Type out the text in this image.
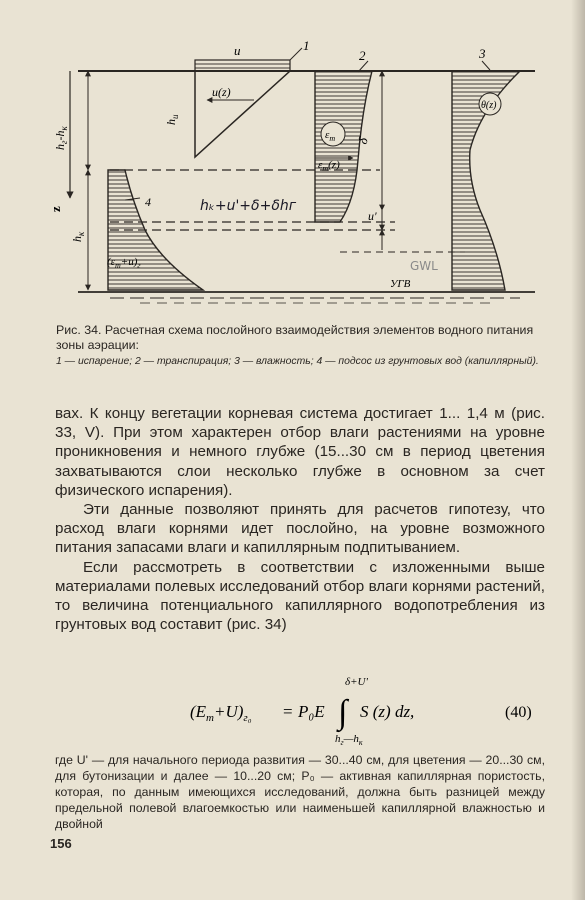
1
u
u(z)
$h_u$
$h_г-h_к$
z
$h_к$
2
$\varepsilon_m$
$\varepsilon_m(z)$
δ
u'
hₖ+u'+δ+δhг
4
$(\varepsilon_m+u)_г$
3
θ(z)
GWL
УГВ

Рис. 34. Расчетная схема послойного взаимодействия элементов водного питания зоны аэрации:

1 — испарение; 2 — транспирация; 3 — влажность; 4 — подсос из грунтовых вод (капиллярный).

вах. К концу вегетации корневая система достигает 1... 1,4 м (рис. 33, V). При этом характерен отбор влаги растениями на уровне проникновения и немного глубже (15...30 см в период цветения захватываются слои несколько глубже в основном за счет физического испарения).

Эти данные позволяют принять для расчетов гипотезу, что расход влаги корнями идет послойно, на уровне возможного питания запасами влаги и капиллярным подпитыванием.

Если рассмотреть в соответствии с изложенными выше материалами полевых исследований отбор влаги корнями растений, то величина потенциального капиллярного водопотребления из грунтовых вод составит (рис. 34)

$(E_m+U)_{г_0} = P_0E$ ∫
δ+U'
$h_г—h_к$
S (z) dz,	(40)
где U' — для начального периода развития — 30...40 см, для цветения — 20...30 см, для бутонизации и далее — 10...20 см; P₀ — активная капиллярная пористость, которая, по данным имеющихся исследований, должна быть разницей между предельной полевой влагоемкостью или наименьшей капиллярной влажностью и двойной
156
